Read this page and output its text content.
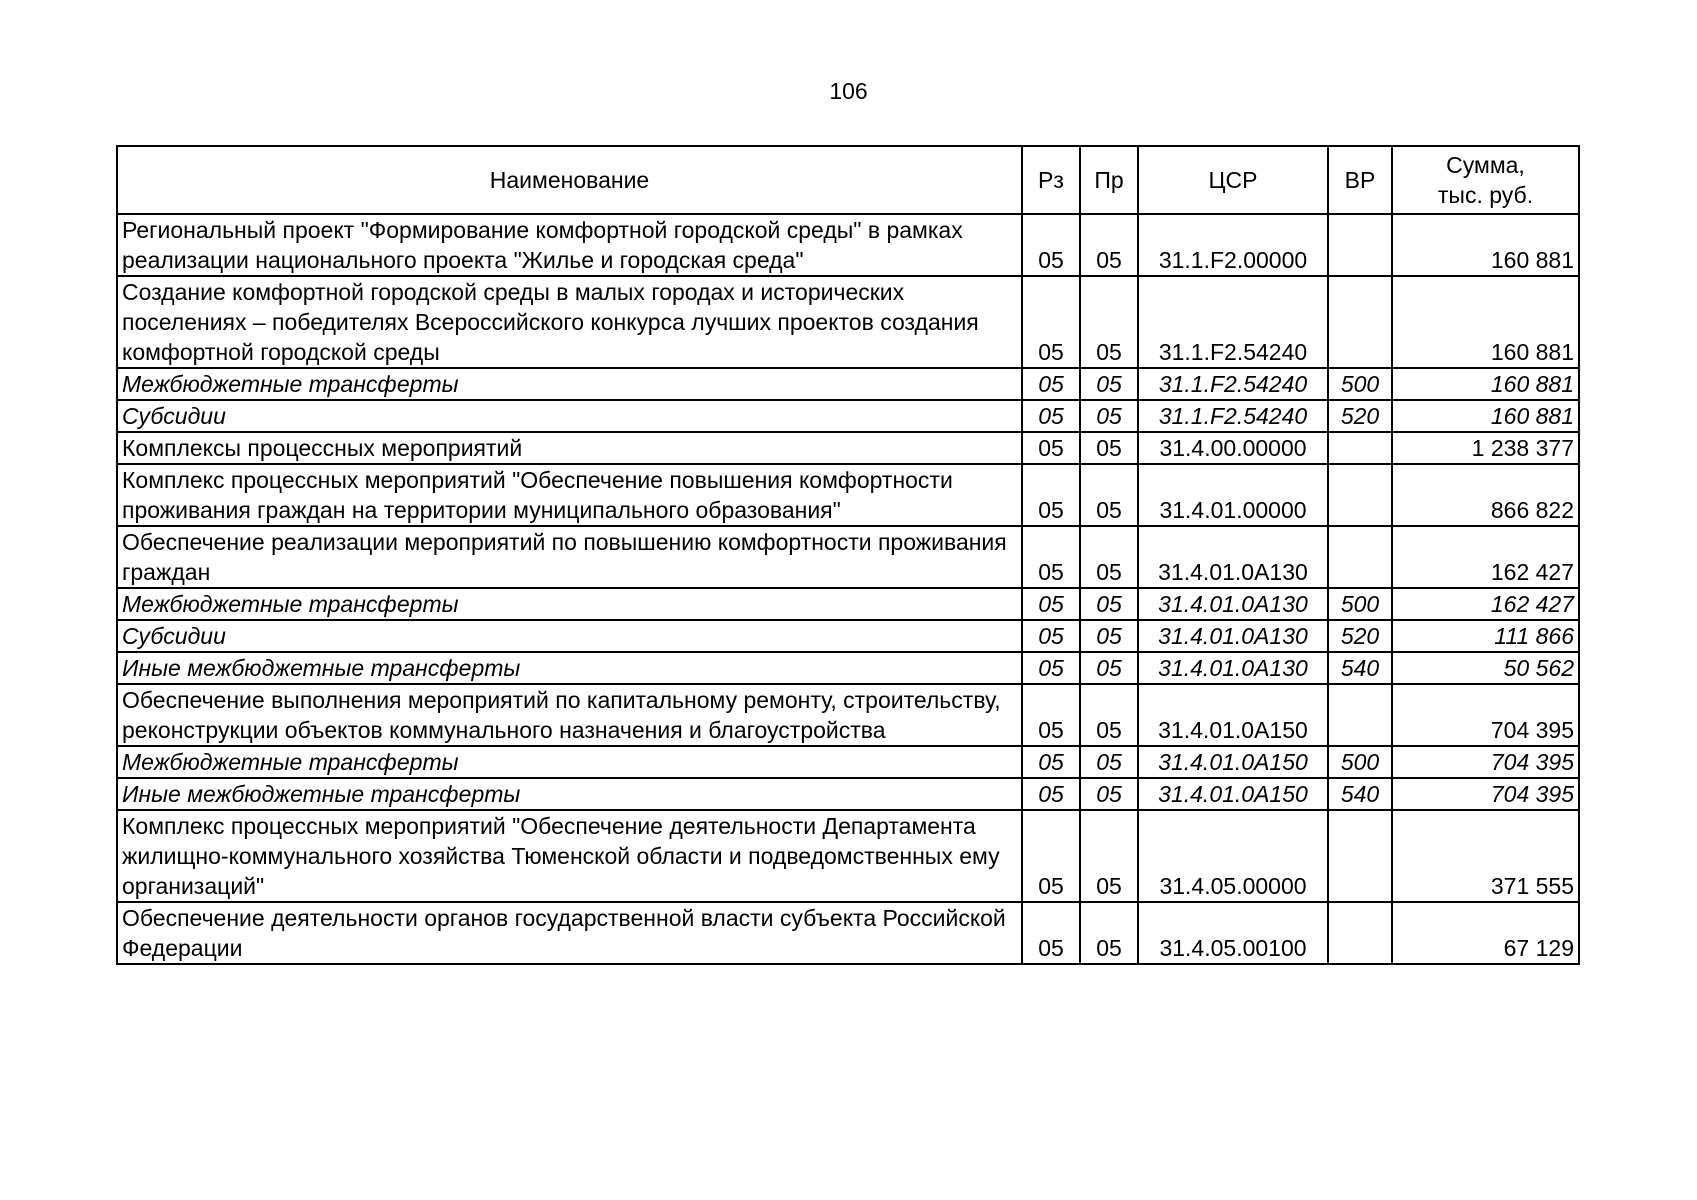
106
Наименование	Рз	Пр	ЦСР	ВР	Сумма,
тыс. руб.

Региональный проект "Формирование комфортной городской среды" в рамках реализации национального проекта "Жилье и городская среда"	05	05	31.1.F2.00000		160 881
Создание комфортной городской среды в малых городах и исторических поселениях – победителях Всероссийского конкурса лучших проектов создания комфортной городской среды	05	05	31.1.F2.54240		160 881
Межбюджетные трансферты	05	05	31.1.F2.54240	500	160 881
Субсидии	05	05	31.1.F2.54240	520	160 881
Комплексы процессных мероприятий	05	05	31.4.00.00000		1 238 377
Комплекс процессных мероприятий "Обеспечение повышения комфортности проживания граждан на территории муниципального образования"	05	05	31.4.01.00000		866 822
Обеспечение реализации мероприятий по повышению комфортности проживания граждан	05	05	31.4.01.0А130		162 427
Межбюджетные трансферты	05	05	31.4.01.0А130	500	162 427
Субсидии	05	05	31.4.01.0А130	520	111 866
Иные межбюджетные трансферты	05	05	31.4.01.0А130	540	50 562
Обеспечение выполнения мероприятий по капитальному ремонту, строительству, реконструкции объектов коммунального назначения и благоустройства	05	05	31.4.01.0А150		704 395
Межбюджетные трансферты	05	05	31.4.01.0А150	500	704 395
Иные межбюджетные трансферты	05	05	31.4.01.0А150	540	704 395
Комплекс процессных мероприятий "Обеспечение деятельности Департамента жилищно-коммунального хозяйства Тюменской области и подведомственных ему организаций"	05	05	31.4.05.00000		371 555
Обеспечение деятельности органов государственной власти субъекта Российской Федерации	05	05	31.4.05.00100		67 129
